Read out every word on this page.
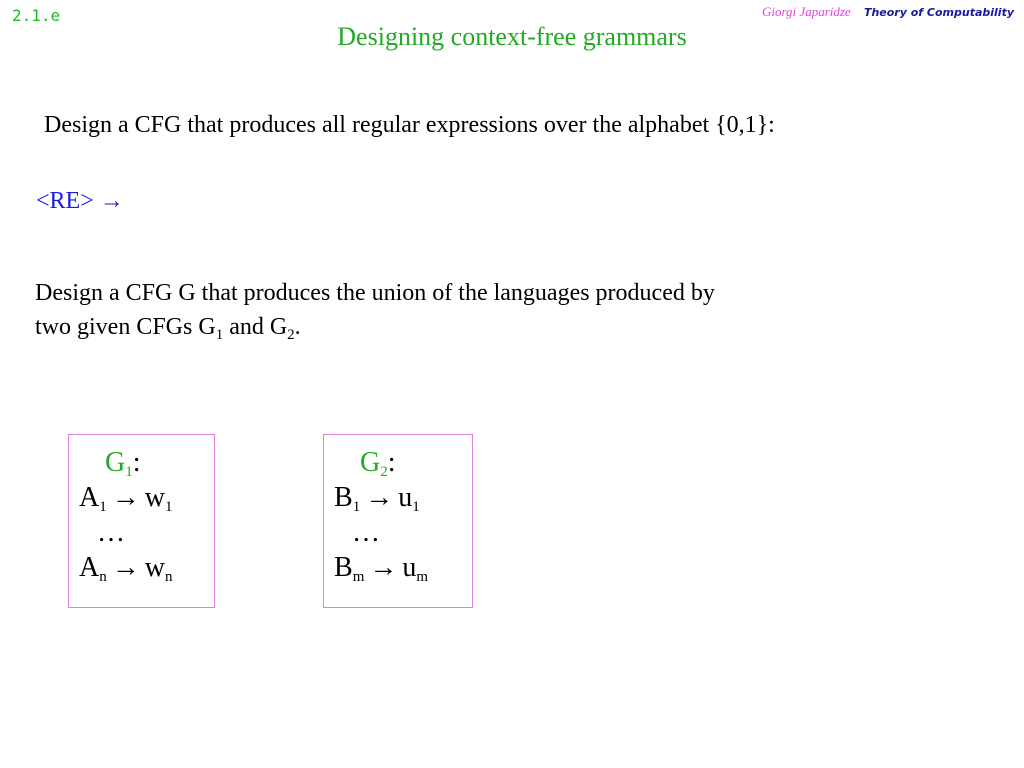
2.1.e	Giorgi Japaridze Theory of Computability
Designing context-free grammars
Design a CFG that produces all regular expressions over the alphabet {0,1}:
<RE> →
Design a CFG G that produces the union of the languages produced by
two given CFGs $G_1$ and $G_2$.
$G_1$:
$A_1 \to w_1$
…
$A_n \to w_n$
$G_2$:
$B_1 \to u_1$
…
$B_m \to u_m$
